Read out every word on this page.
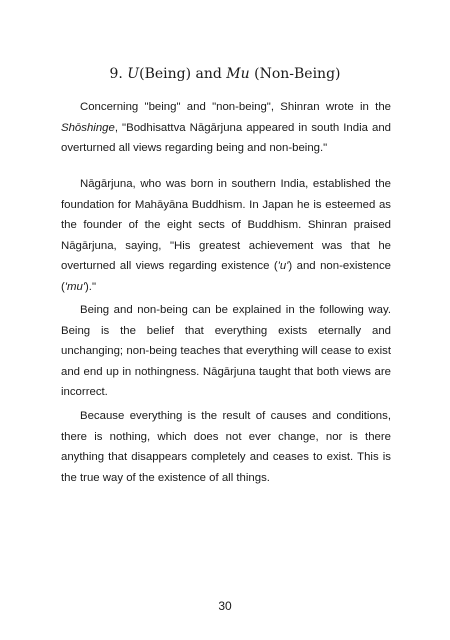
9. U(Being) and Mu (Non-Being)

Concerning "being" and "non-being", Shinran wrote in the Shōshinge, "Bodhisattva Nāgārjuna appeared in south India and overturned all views regarding being and non-being."

Nāgārjuna, who was born in southern India, established the foundation for Mahāyāna Buddhism. In Japan he is esteemed as the founder of the eight sects of Buddhism. Shinran praised Nāgārjuna, saying, "His greatest achievement was that he overturned all views regarding existence ('u') and non-existence ('mu')."

Being and non-being can be explained in the following way. Being is the belief that everything exists eternally and unchanging; non-being teaches that everything will cease to exist and end up in nothingness. Nāgārjuna taught that both views are incorrect.

Because everything is the result of causes and conditions, there is nothing, which does not ever change, nor is there anything that disappears completely and ceases to exist. This is the true way of the existence of all things.

30
